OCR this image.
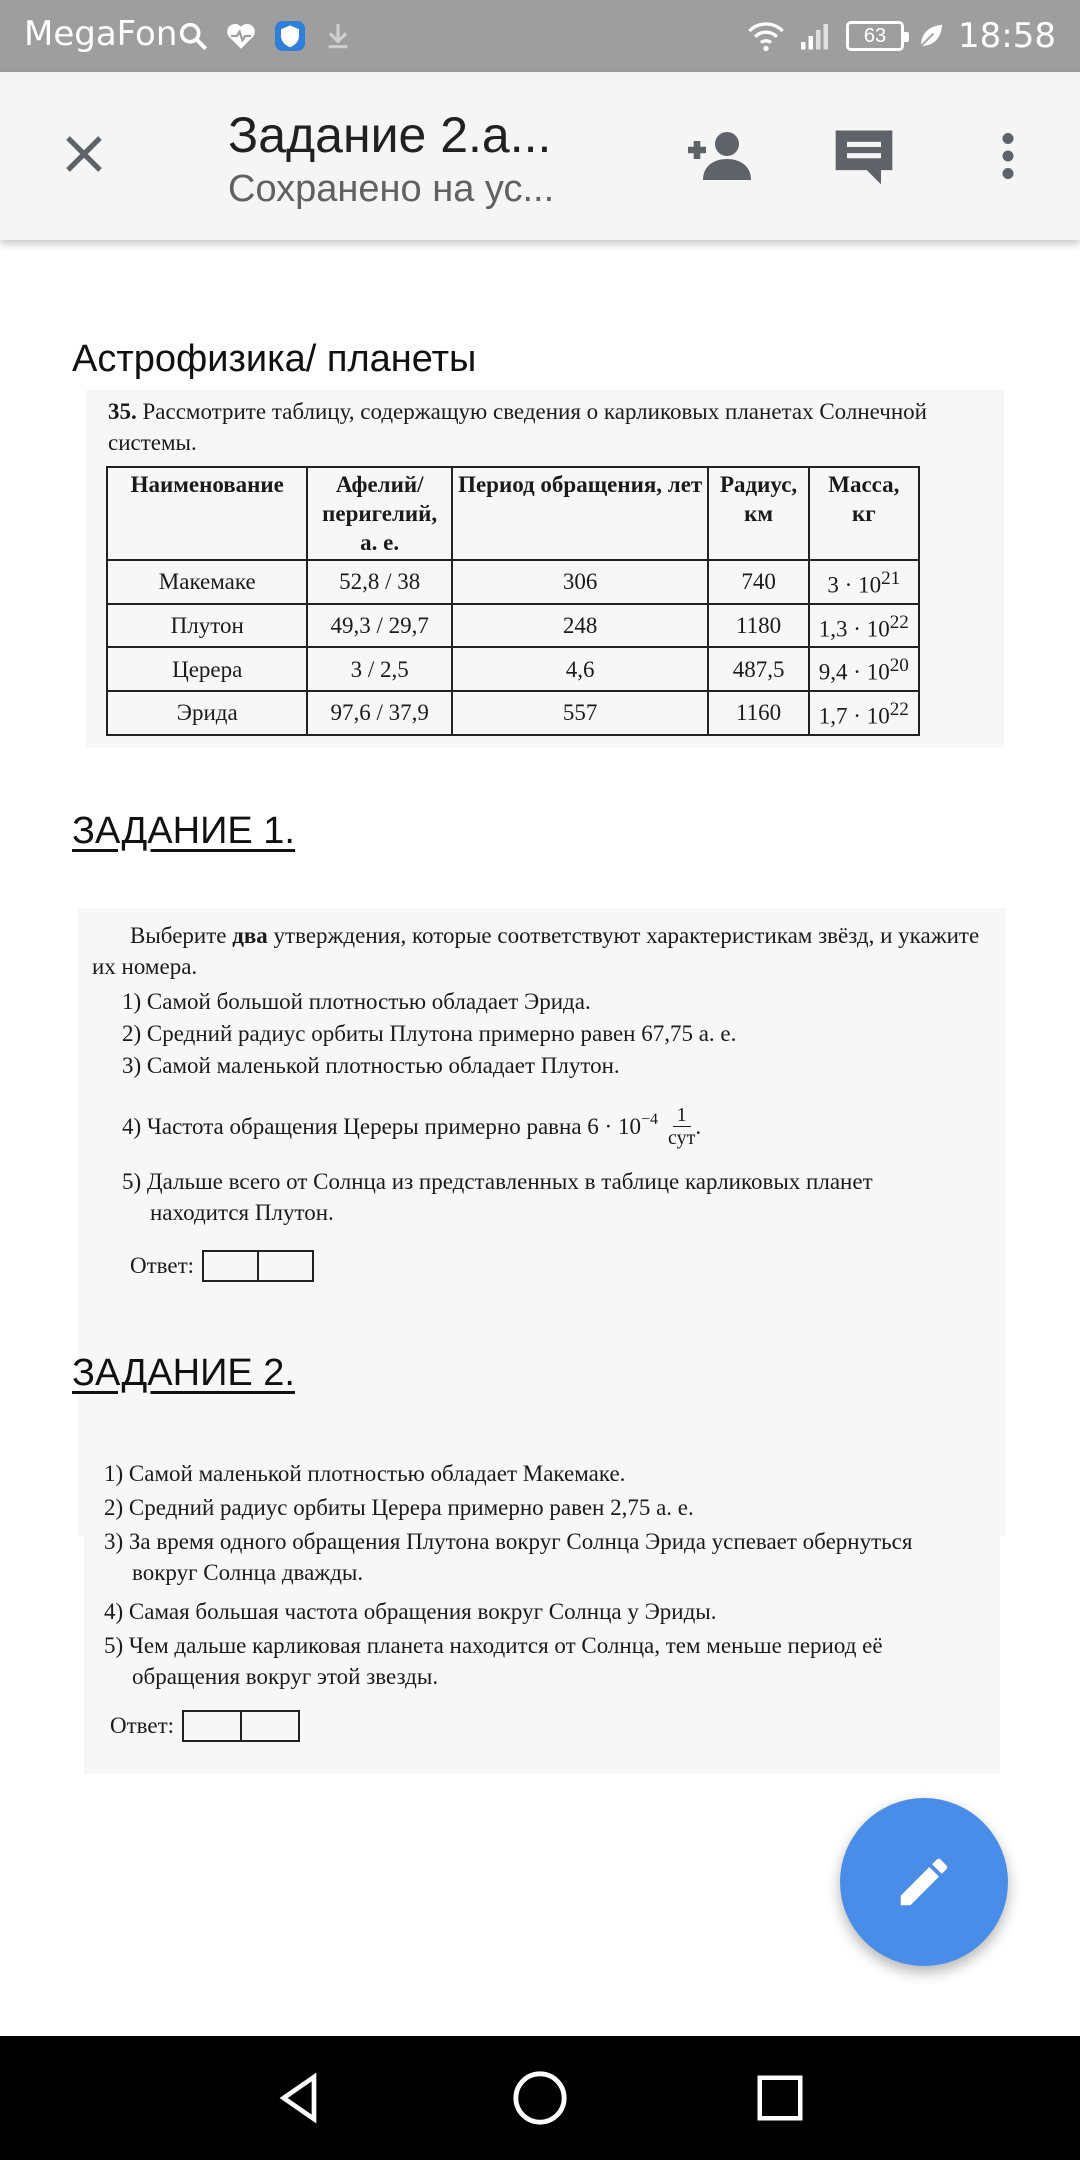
MegaFon	63 18:58
Задание 2.а...
Сохранено на ус...
Астрофизика/ планеты

35. Рассмотрите таблицу, содержащую сведения о карликовых планетах Солнечной системы.

Наименование	Афелий/ перигелий, а. е.	Период обращения, лет	Радиус, км	Масса, кг
Макемаке	52,8 / 38	306	740	$3 \cdot 10^{21}$
Плутон	49,3 / 29,7	248	1180	$1,3 \cdot 10^{22}$
Церера	3 / 2,5	4,6	487,5	$9,4 \cdot 10^{20}$
Эрида	97,6 / 37,9	557	1160	$1,7 \cdot 10^{22}$
ЗАДАНИЕ 1.

Выберите два утверждения, которые соответствуют характеристикам звёзд, и укажите их номера.

1) Самой большой плотностью обладает Эрида.
2) Средний радиус орбиты Плутона примерно равен 67,75 а. е.
3) Самой маленькой плотностью обладает Плутон.
4) Частота обращения Цереры примерно равна $6 \cdot 10^{-4}$ 1
сут .
5) Дальше всего от Солнца из представленных в таблице карликовых планет находится Плутон.
Ответ:
ЗАДАНИЕ 2.
1) Самой маленькой плотностью обладает Макемаке.
2) Средний радиус орбиты Церера примерно равен 2,75 а. е.
3) За время одного обращения Плутона вокруг Солнца Эрида успевает обернуться вокруг Солнца дважды.
4) Самая большая частота обращения вокруг Солнца у Эриды.
5) Чем дальше карликовая планета находится от Солнца, тем меньше период её обращения вокруг этой звезды.
Ответ:
